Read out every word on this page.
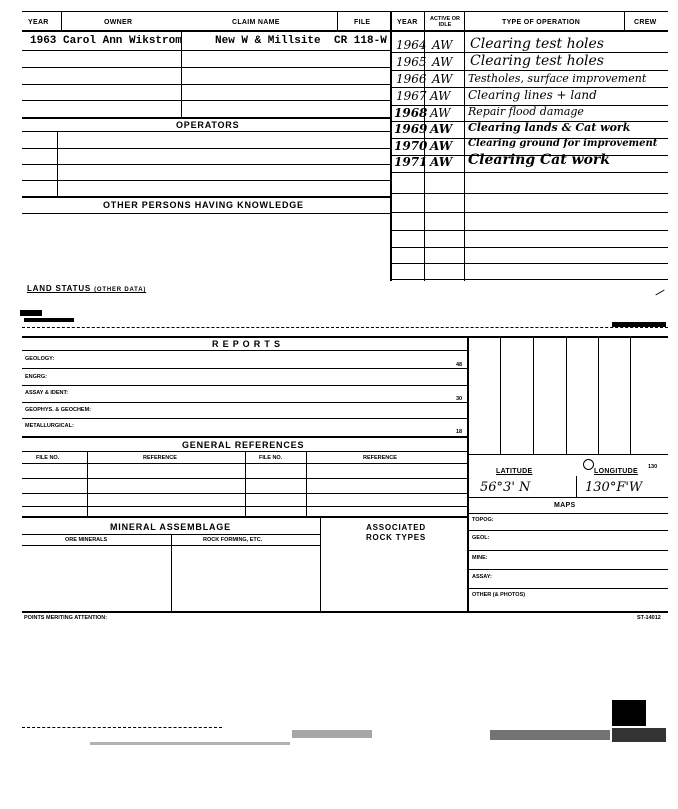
YEAR	OWNER	CLAIM NAME	FILE	YEAR	ACTIVE OR IDLE	TYPE OF OPERATION	CREW
1963 Carol Ann Wikstrom	New W & Millsite CR 118-W
OPERATORS
OTHER PERSONS HAVING KNOWLEDGE
1964 AW Clearing test holes
1965 AW Clearing test holes
1966 AW Testholes, surface improvement
1967 AW Clearing lines + land
1968 AW Repair flood damage
1969 AW Clearing lands & Cat work
1970 AW Clearing ground for improvement
1971 AW Clearing Cat work
LAND STATUS (OTHER DATA)
R E P O R T S
GEOLOGY:
48
ENGRG:
ASSAY & IDENT:
30
GEOPHYS. & GEOCHEM:
METALLURGICAL:
18
GENERAL REFERENCES
FILE NO.	REFERENCE	FILE NO.	REFERENCE
LATITUDE	LONGITUDE
130
56°3' N	130°F'W
MAPS
TOPOG:
GEOL:
MINE:
ASSAY:
OTHER (& PHOTOS)
MINERAL ASSEMBLAGE	ASSOCIATED ROCK TYPES
ORE MINERALS	ROCK FORMING, ETC.
POINTS MERITING ATTENTION:	ST-14012
